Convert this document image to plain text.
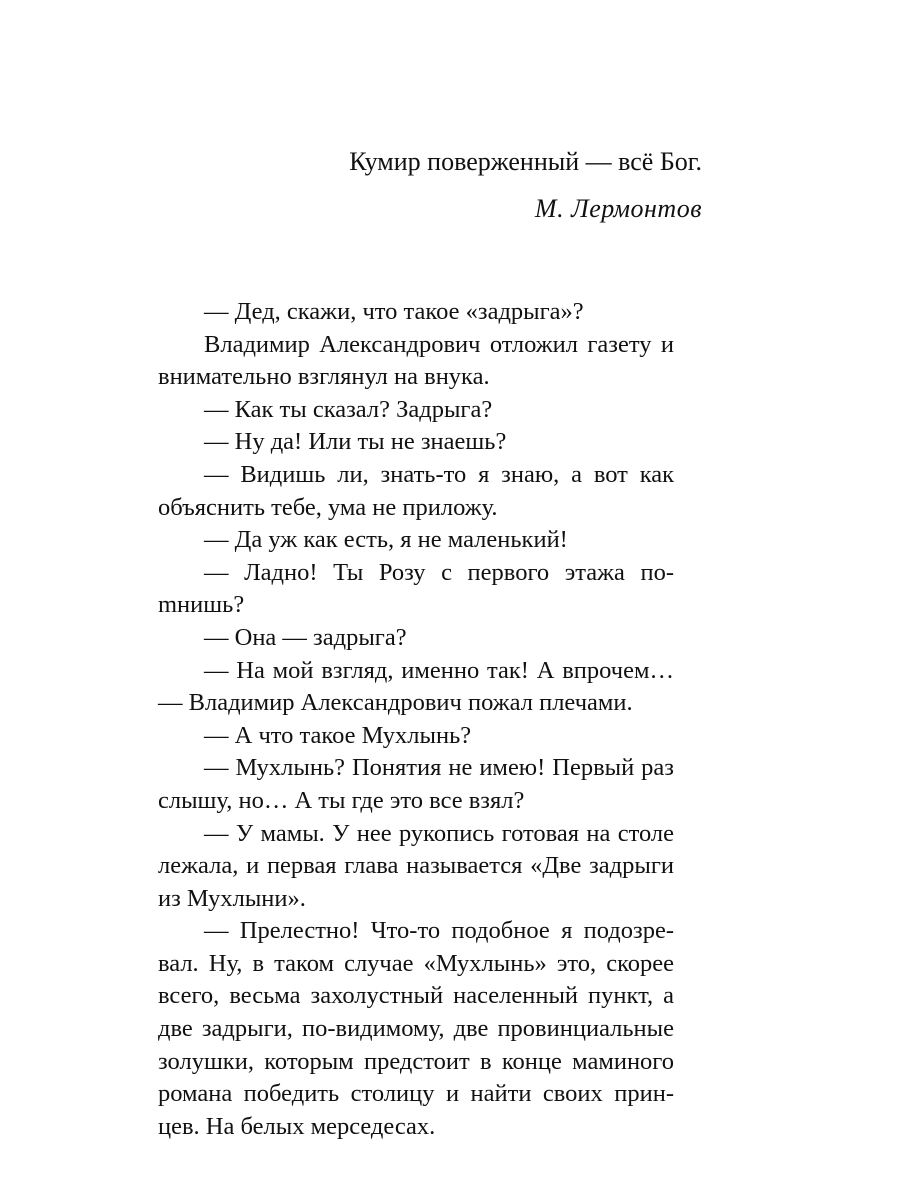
Кумир поверженный — всё Бог.
М. Лермонтов

— Дед, скажи, что такое «задрыга»?

Владимир Александрович отложил газету и внимательно взглянул на внука.

— Как ты сказал? Задрыга?

— Ну да! Или ты не знаешь?

— Видишь ли, знать-то я знаю, а вот как объяснить тебе, ума не приложу.

— Да уж как есть, я не маленький!

— Ладно! Ты Розу с первого этажа поmнишь?

— Она — задрыга?

— На мой взгляд, именно так! А впрочем… — Владимир Александрович пожал плечами.

— А что такое Мухлынь?

— Мухлынь? Понятия не имею! Первый раз слышу, но… А ты где это все взял?

— У мамы. У нее рукопись готовая на столе лежала, и первая глава называется «Две задрыги из Мухлыни».

— Прелестно! Что-то подобное я подозревал. Ну, в таком случае «Мухлынь» это, скорее всего, весьма захолустный населенный пункт, а две задрыги, по-видимому, две провинциальные золушки, которым предстоит в конце маминого романа победить столицу и найти своих принцев. На белых мерседесах.
